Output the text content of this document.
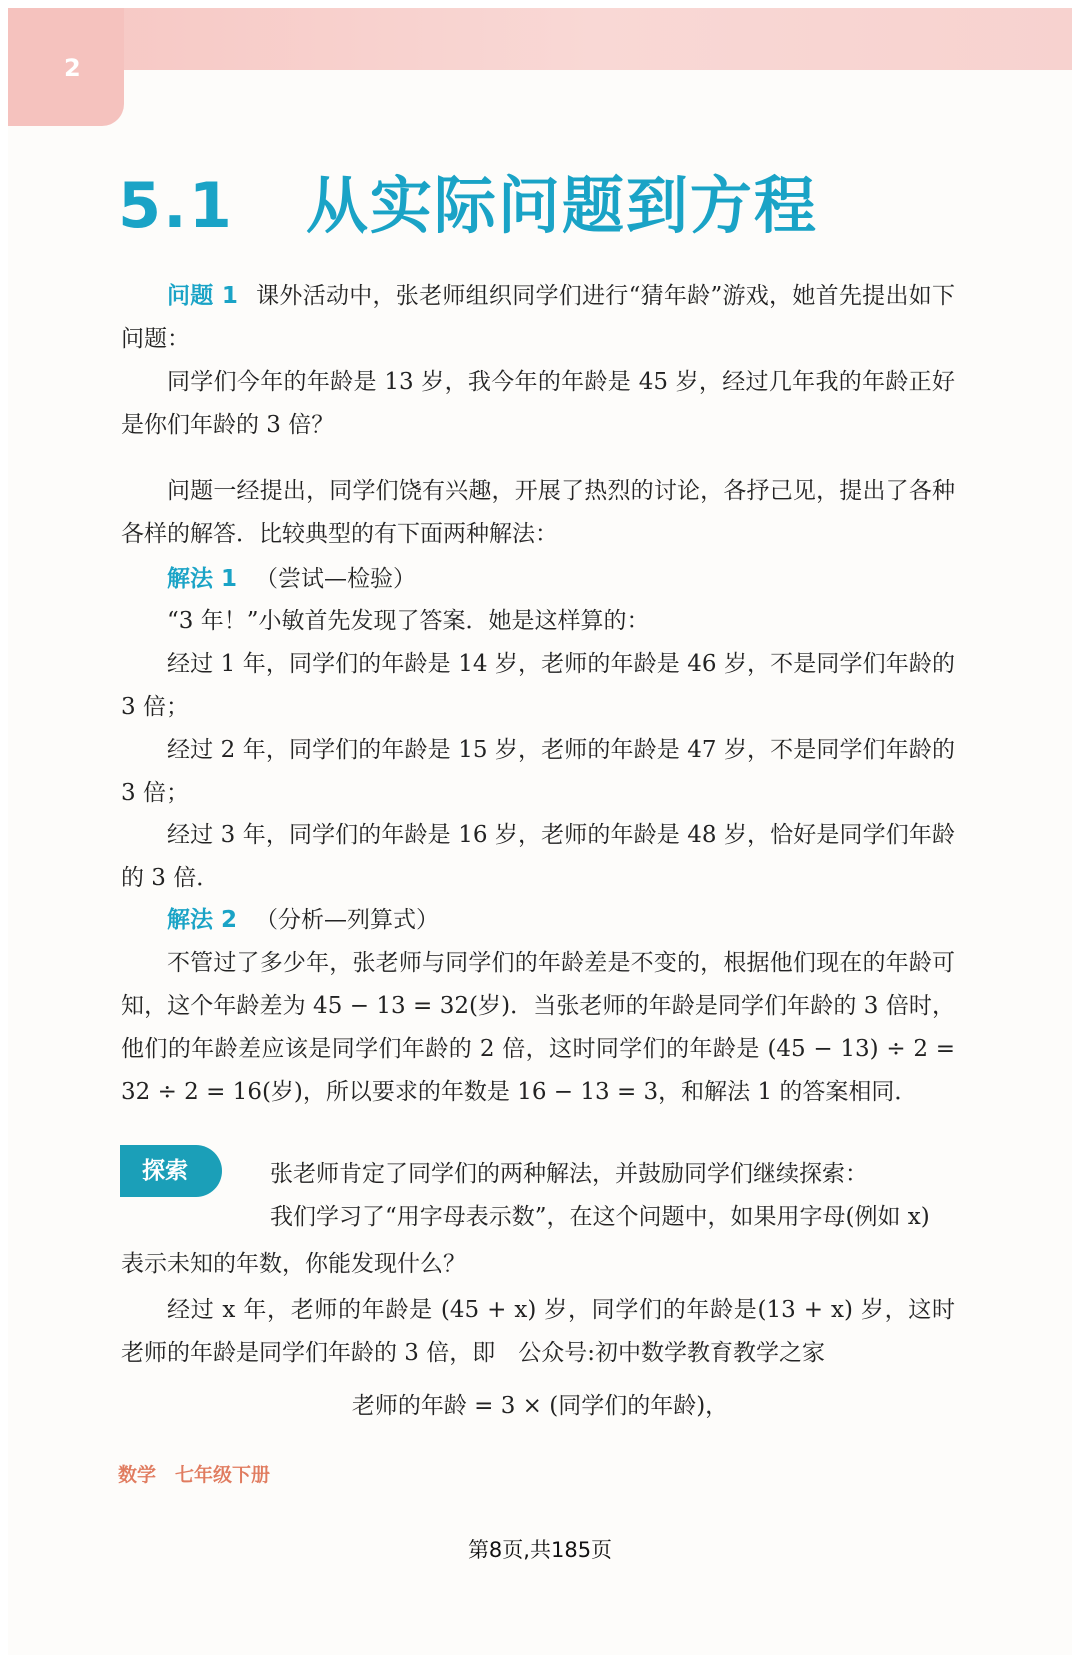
2
5.1 从实际问题到方程

问题 1 课外活动中，张老师组织同学们进行“猜年龄”游戏，她首先提出如下问题：

同学们今年的年龄是 13 岁，我今年的年龄是 45 岁，经过几年我的年龄正好是你们年龄的 3 倍？

问题一经提出，同学们饶有兴趣，开展了热烈的讨论，各抒己见，提出了各种各样的解答．比较典型的有下面两种解法：

解法 1 （尝试—检验）

“3 年！”小敏首先发现了答案．她是这样算的：

经过 1 年，同学们的年龄是 14 岁，老师的年龄是 46 岁，不是同学们年龄的 3 倍；

经过 2 年，同学们的年龄是 15 岁，老师的年龄是 47 岁，不是同学们年龄的 3 倍；

经过 3 年，同学们的年龄是 16 岁，老师的年龄是 48 岁，恰好是同学们年龄的 3 倍．

解法 2 （分析—列算式）

不管过了多少年，张老师与同学们的年龄差是不变的，根据他们现在的年龄可知，这个年龄差为 45 − 13 = 32(岁)．当张老师的年龄是同学们年龄的 3 倍时，他们的年龄差应该是同学们年龄的 2 倍，这时同学们的年龄是 (45 − 13) ÷ 2 = 32 ÷ 2 = 16(岁)，所以要求的年数是 16 − 13 = 3，和解法 1 的答案相同．

探索	张老师肯定了同学们的两种解法，并鼓励同学们继续探索：

我们学习了“用字母表示数”，在这个问题中，如果用字母(例如 x)

表示未知的年数，你能发现什么？

经过 x 年，老师的年龄是 (45 + x) 岁，同学们的年龄是(13 + x) 岁，这时老师的年龄是同学们年龄的 3 倍，即　公众号:初中数学教育教学之家

老师的年龄 = 3 × (同学们的年龄)，

数学　七年级下册
第8页,共185页
